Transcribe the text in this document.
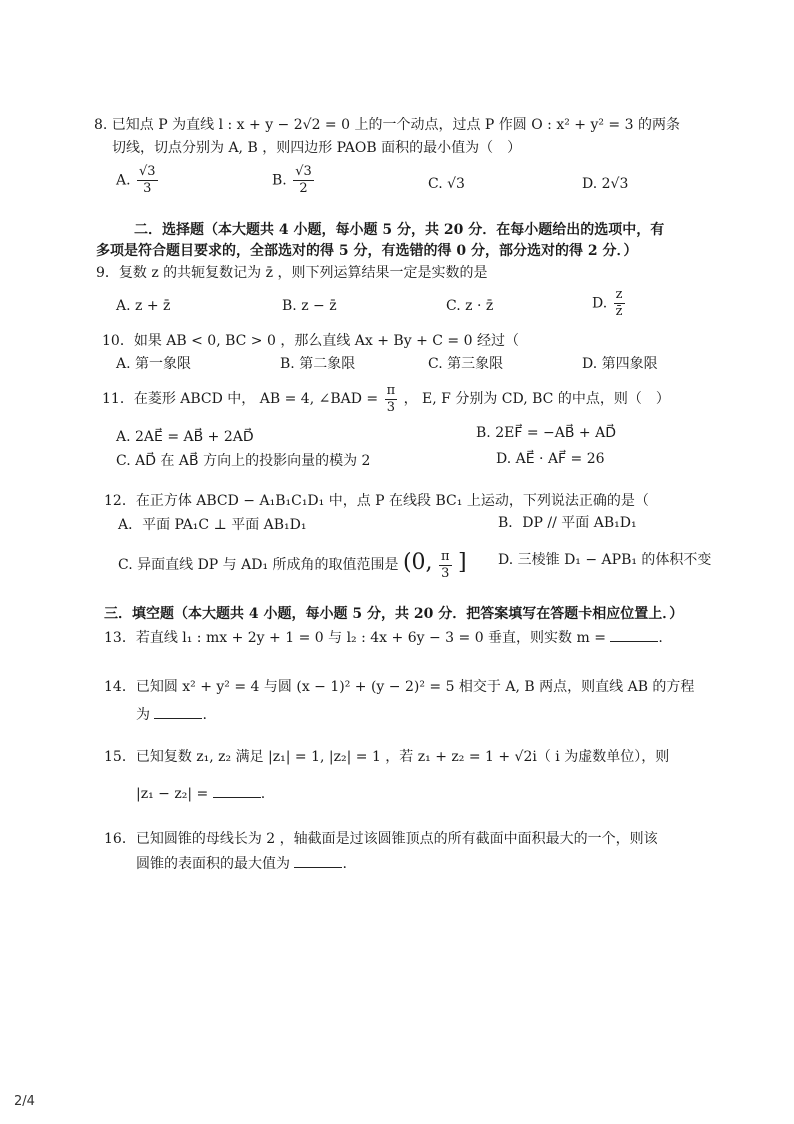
8. 已知点 P 为直线 l : x + y − 2√2 = 0 上的一个动点，过点 P 作圆 O : x² + y² = 3 的两条
切线，切点分别为 A, B ，则四边形 PAOB 面积的最小值为（　）
A. $\frac{√3}{3}$	B. $\frac{√3}{2}$	C. √3	D. 2√3
二．选择题（本大题共 4 小题，每小题 5 分，共 20 分．在每小题给出的选项中，有
多项是符合题目要求的，全部选对的得 5 分，有选错的得 0 分，部分选对的得 2 分．）
9．复数 z 的共轭复数记为 z̄ ，则下列运算结果一定是实数的是
A. z + z̄	B. z − z̄	C. z · z̄	D. $\frac{z}{z̄}$
10．如果 AB < 0, BC > 0 ，那么直线 Ax + By + C = 0 经过（
A. 第一象限	B. 第二象限	C. 第三象限	D. 第四象限
11．在菱形 ABCD 中， AB = 4, ∠BAD = $\frac{\pi}{3}$ ， E, F 分别为 CD, BC 的中点，则（　）
A. 2AE⃗ = AB⃗ + 2AD⃗	B. 2EF⃗ = −AB⃗ + AD⃗
C. AD⃗ 在 AB⃗ 方向上的投影向量的模为 2	D. AE⃗ · AF⃗ = 26
12．在正方体 ABCD − A₁B₁C₁D₁ 中，点 P 在线段 BC₁ 上运动，下列说法正确的是（
A．平面 PA₁C ⊥ 平面 AB₁D₁	B．DP // 平面 AB₁D₁
C. 异面直线 DP 与 AD₁ 所成角的取值范围是 (0, $\frac{\pi}{3}$ ] D. 三棱锥 D₁ − APB₁ 的体积不变
三．填空题（本大题共 4 小题，每小题 5 分，共 20 分．把答案填写在答题卡相应位置上．）
13．若直线 l₁ : mx + 2y + 1 = 0 与 l₂ : 4x + 6y − 3 = 0 垂直，则实数 m =	.
14．已知圆 x² + y² = 4 与圆 (x − 1)² + (y − 2)² = 5 相交于 A, B 两点，则直线 AB 的方程
为	.
15．已知复数 z₁, z₂ 满足 |z₁| = 1, |z₂| = 1 ，若 z₁ + z₂ = 1 + √2i（ i 为虚数单位），则
|z₁ − z₂| =	.
16．已知圆锥的母线长为 2 ，轴截面是过该圆锥顶点的所有截面中面积最大的一个，则该
圆锥的表面积的最大值为	.
2/4
